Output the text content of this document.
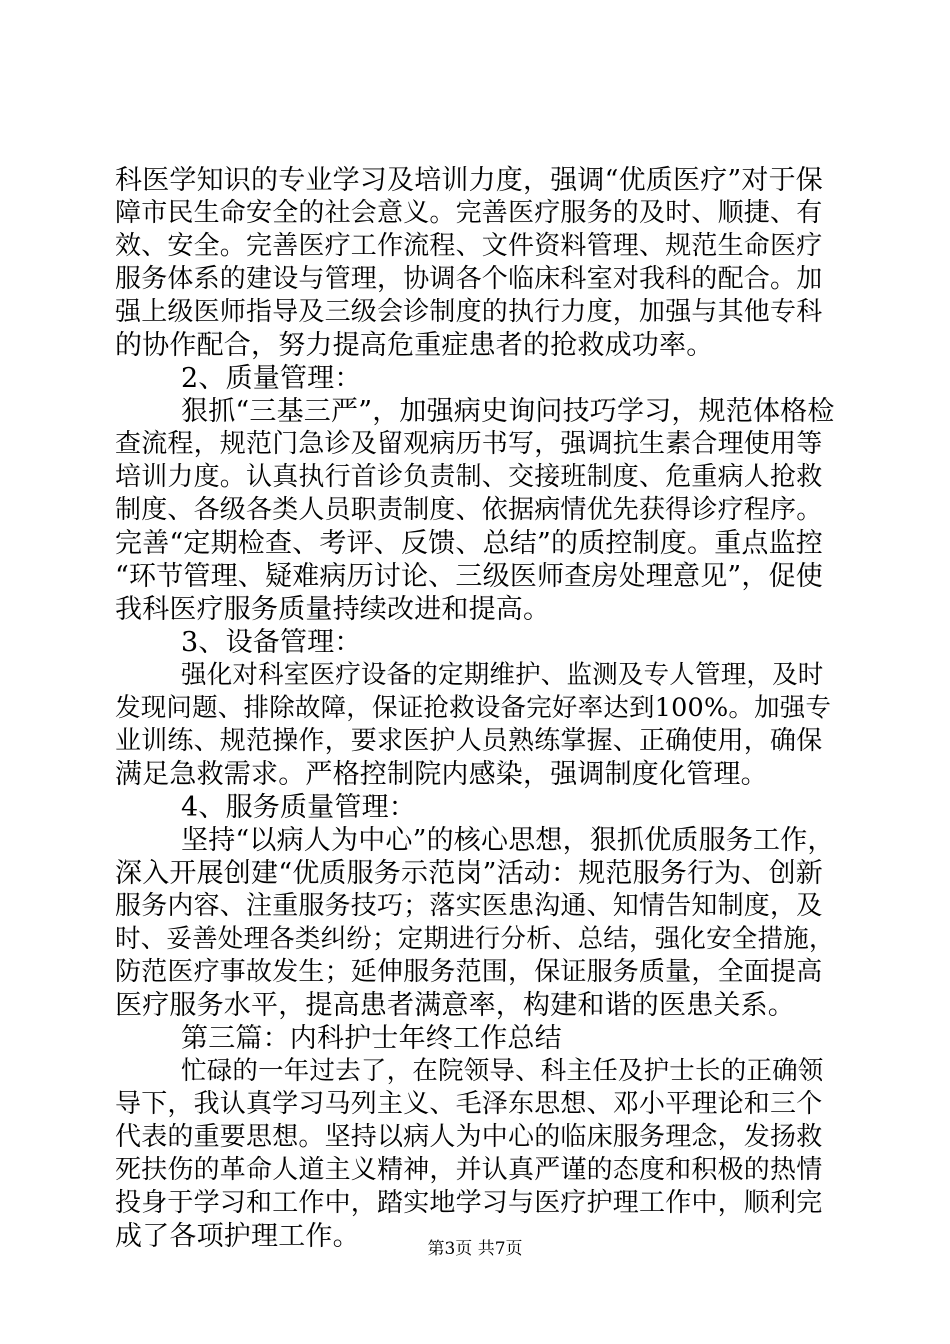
科医学知识的专业学习及培训力度，强调“优质医疗”对于保
障市民生命安全的社会意义。完善医疗服务的及时、顺捷、有
效、安全。完善医疗工作流程、文件资料管理、规范生命医疗
服务体系的建设与管理，协调各个临床科室对我科的配合。加
强上级医师指导及三级会诊制度的执行力度，加强与其他专科
的协作配合，努力提高危重症患者的抢救成功率。
2、质量管理：
狠抓“三基三严”，加强病史询问技巧学习，规范体格检
查流程，规范门急诊及留观病历书写，强调抗生素合理使用等
培训力度。认真执行首诊负责制、交接班制度、危重病人抢救
制度、各级各类人员职责制度、依据病情优先获得诊疗程序。
完善“定期检查、考评、反馈、总结”的质控制度。重点监控
“环节管理、疑难病历讨论、三级医师查房处理意见”，促使
我科医疗服务质量持续改进和提高。
3、设备管理：
强化对科室医疗设备的定期维护、监测及专人管理，及时
发现问题、排除故障，保证抢救设备完好率达到100%。加强专
业训练、规范操作，要求医护人员熟练掌握、正确使用，确保
满足急救需求。严格控制院内感染，强调制度化管理。
4、服务质量管理：
坚持“以病人为中心”的核心思想，狠抓优质服务工作，
深入开展创建“优质服务示范岗”活动：规范服务行为、创新
服务内容、注重服务技巧；落实医患沟通、知情告知制度，及
时、妥善处理各类纠纷；定期进行分析、总结，强化安全措施，
防范医疗事故发生；延伸服务范围，保证服务质量，全面提高
医疗服务水平，提高患者满意率，构建和谐的医患关系。
第三篇：内科护士年终工作总结
忙碌的一年过去了，在院领导、科主任及护士长的正确领
导下，我认真学习马列主义、毛泽东思想、邓小平理论和三个
代表的重要思想。坚持以病人为中心的临床服务理念，发扬救
死扶伤的革命人道主义精神，并认真严谨的态度和积极的热情
投身于学习和工作中，踏实地学习与医疗护理工作中，顺利完
成了各项护理工作。	第3页 共7页
